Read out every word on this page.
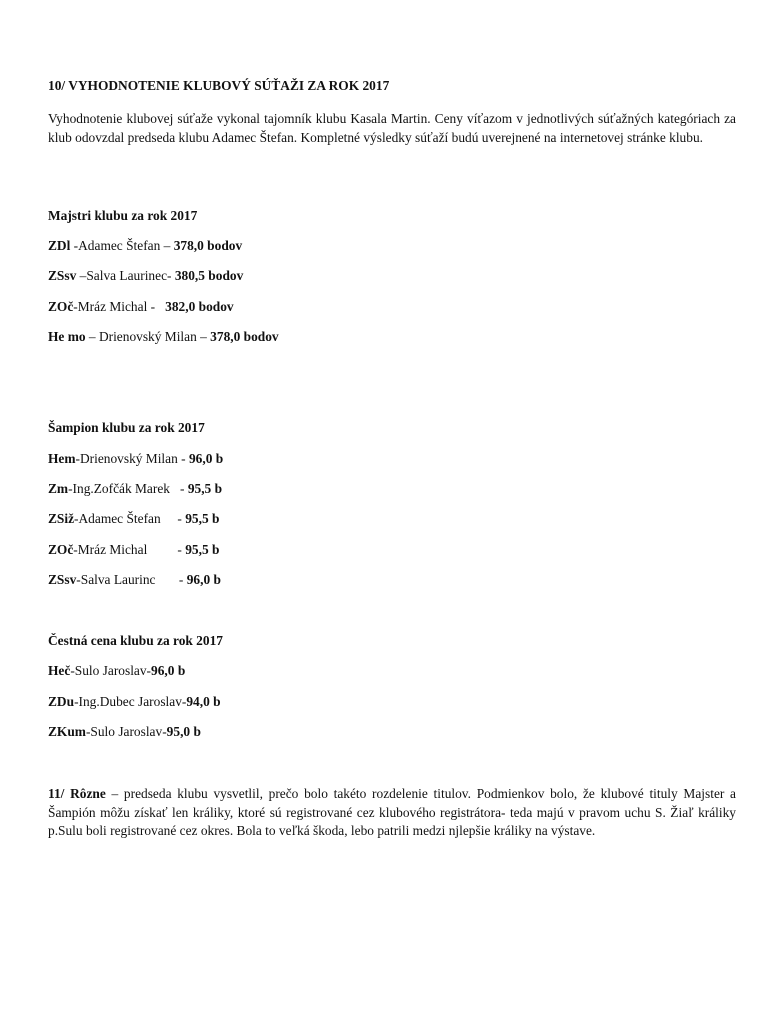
10/ VYHODNOTENIE KLUBOVÝ SÚŤAŽI ZA ROK 2017
Vyhodnotenie klubovej súťaže vykonal tajomník klubu Kasala Martin. Ceny víťazom v jednotlivých súťažných kategóriach za klub odovzdal predseda klubu Adamec Štefan. Kompletné výsledky súťaží budú uverejnené na internetovej stránke klubu.
Majstri klubu za rok 2017
ZDl -Adamec Štefan – 378,0 bodov
ZSsv –Salva Laurinec- 380,5 bodov
ZOč-Mráz Michal -   382,0 bodov
He mo – Drienovský Milan – 378,0 bodov
Šampion klubu za rok 2017
Hem-Drienovský Milan - 96,0 b
Zm-Ing.Zofčák Marek   - 95,5 b
ZSiž-Adamec Štefan     - 95,5 b
ZOč-Mráz Michal         - 95,5 b
ZSsv-Salva Laurinc       - 96,0 b
Čestná cena klubu za rok 2017
Heč-Sulo Jaroslav-96,0 b
ZDu-Ing.Dubec Jaroslav-94,0 b
ZKum-Sulo Jaroslav-95,0 b
11/ Rôzne – predseda klubu vysvetlil, prečo bolo takéto rozdelenie titulov. Podmienkov bolo, že klubové tituly Majster a Šampión môžu získať len králiky, ktoré sú registrované cez klubového registrátora- teda majú v pravom uchu S. Žiaľ králiky p.Sulu boli registrované cez okres. Bola to veľká škoda, lebo patrili medzi njlepšie králiky na výstave.
